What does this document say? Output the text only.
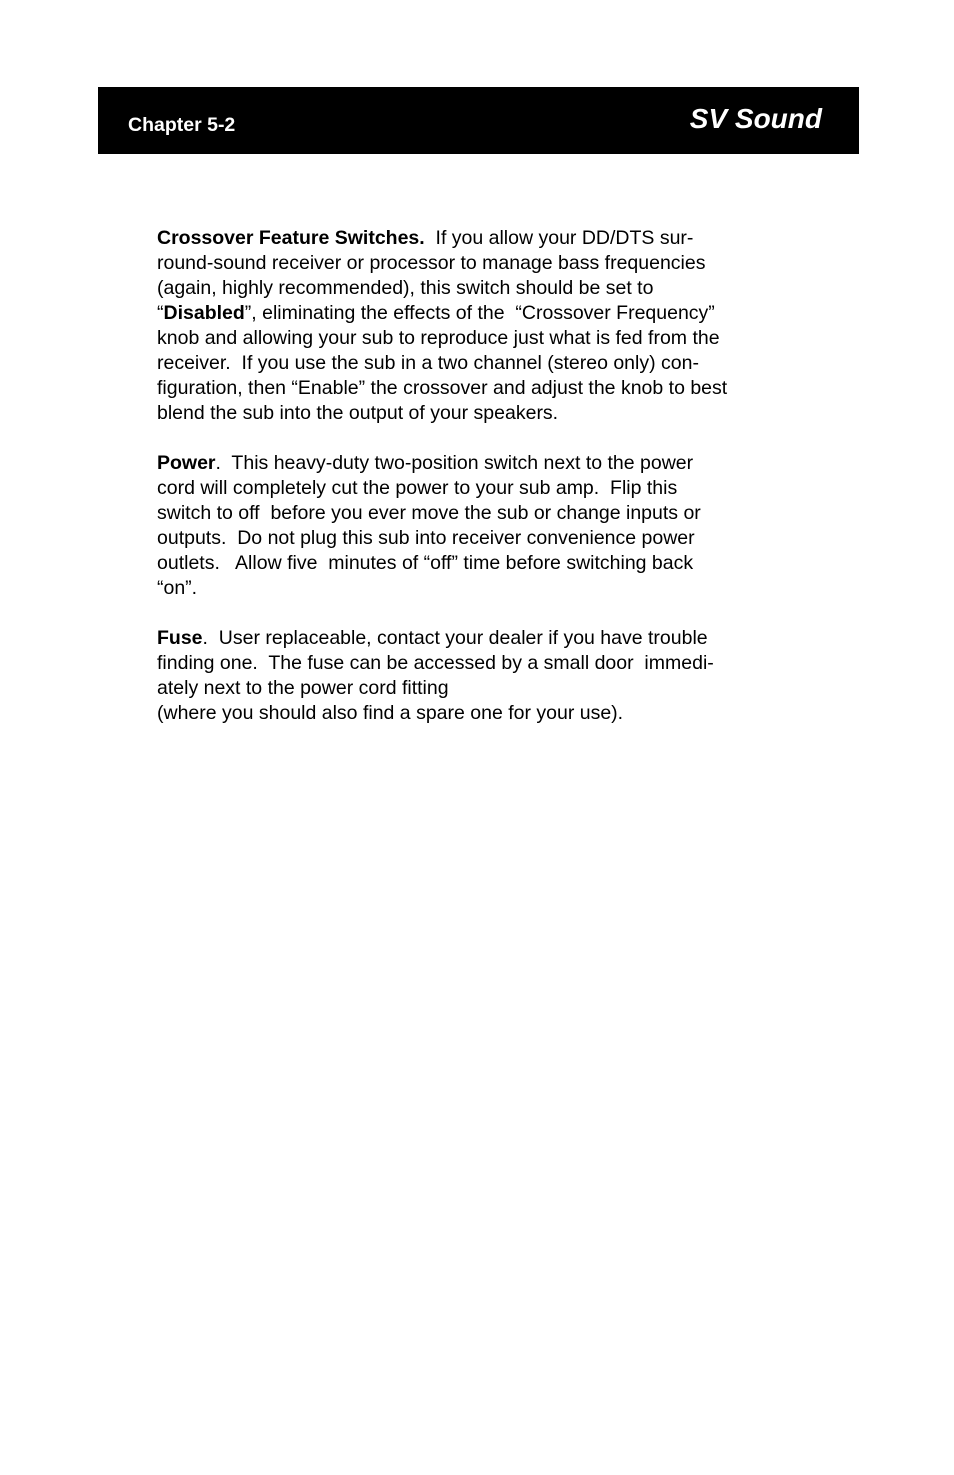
Chapter 5-2	SV Sound

Crossover Feature Switches.  If you allow your DD/DTS sur-
round-sound receiver or processor to manage bass frequencies
(again, highly recommended), this switch should be set to
“Disabled”, eliminating the effects of the  “Crossover Frequency”
knob and allowing your sub to reproduce just what is fed from the
receiver.  If you use the sub in a two channel (stereo only) con-
figuration, then “Enable” the crossover and adjust the knob to best
blend the sub into the output of your speakers.

Power.  This heavy-duty two-position switch next to the power
cord will completely cut the power to your sub amp.  Flip this
switch to off  before you ever move the sub or change inputs or
outputs.  Do not plug this sub into receiver convenience power
outlets.   Allow five  minutes of “off” time before switching back
“on”.

Fuse.  User replaceable, contact your dealer if you have trouble
finding one.  The fuse can be accessed by a small door  immedi-
ately next to the power cord fitting
(where you should also find a spare one for your use).
